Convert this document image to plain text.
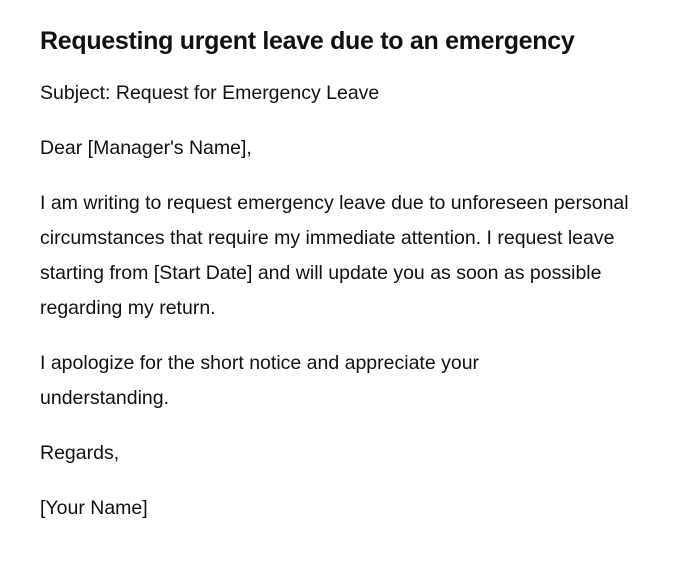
Requesting urgent leave due to an emergency

Subject: Request for Emergency Leave

Dear [Manager's Name],

I am writing to request emergency leave due to unforeseen personal circumstances that require my immediate attention. I request leave starting from [Start Date] and will update you as soon as possible regarding my return.

I apologize for the short notice and appreciate your understanding.

Regards,

[Your Name]
